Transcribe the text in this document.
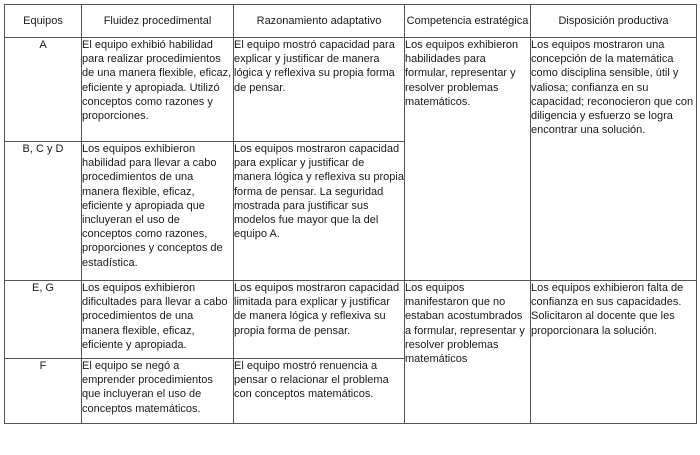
Equipos	Fluidez procedimental	Razonamiento adaptativo	Competencia estratégica	Disposición productiva
A	El equipo exhibió habilidad para realizar procedimientos de una manera flexible, eficaz, eficiente y apropiada. Utilizó conceptos como razones y proporciones.	El equipo mostró capacidad para explicar y justificar de manera lógica y reflexiva su propia forma de pensar.	Los equipos exhibieron habilidades para formular, representar y resolver problemas matemáticos.	Los equipos mostraron una concepción de la matemática como disciplina sensible, útil y valiosa; confianza en su capacidad; reconocieron que con diligencia y esfuerzo se logra encontrar una solución.
B, C y D	Los equipos exhibieron habilidad para llevar a cabo procedimientos de una manera flexible, eficaz, eficiente y apropiada que incluyeran el uso de conceptos como razones, proporciones y conceptos de estadística.	Los equipos mostraron capacidad para explicar y justificar de manera lógica y reflexiva su propia forma de pensar. La seguridad mostrada para justificar sus modelos fue mayor que la del equipo A.		
E, G	Los equipos exhibieron dificultades para llevar a cabo procedimientos de una manera flexible, eficaz, eficiente y apropiada.	Los equipos mostraron capacidad limitada para explicar y justificar de manera lógica y reflexiva su propia forma de pensar.	Los equipos manifestaron que no estaban acostumbrados a formular, representar y resolver problemas matemáticos	Los equipos exhibieron falta de confianza en sus capacidades. Solicitaron al docente que les proporcionara la solución.
F	El equipo se negó a emprender procedimientos que incluyeran el uso de conceptos matemáticos.	El equipo mostró renuencia a pensar o relacionar el problema con conceptos matemáticos.		
